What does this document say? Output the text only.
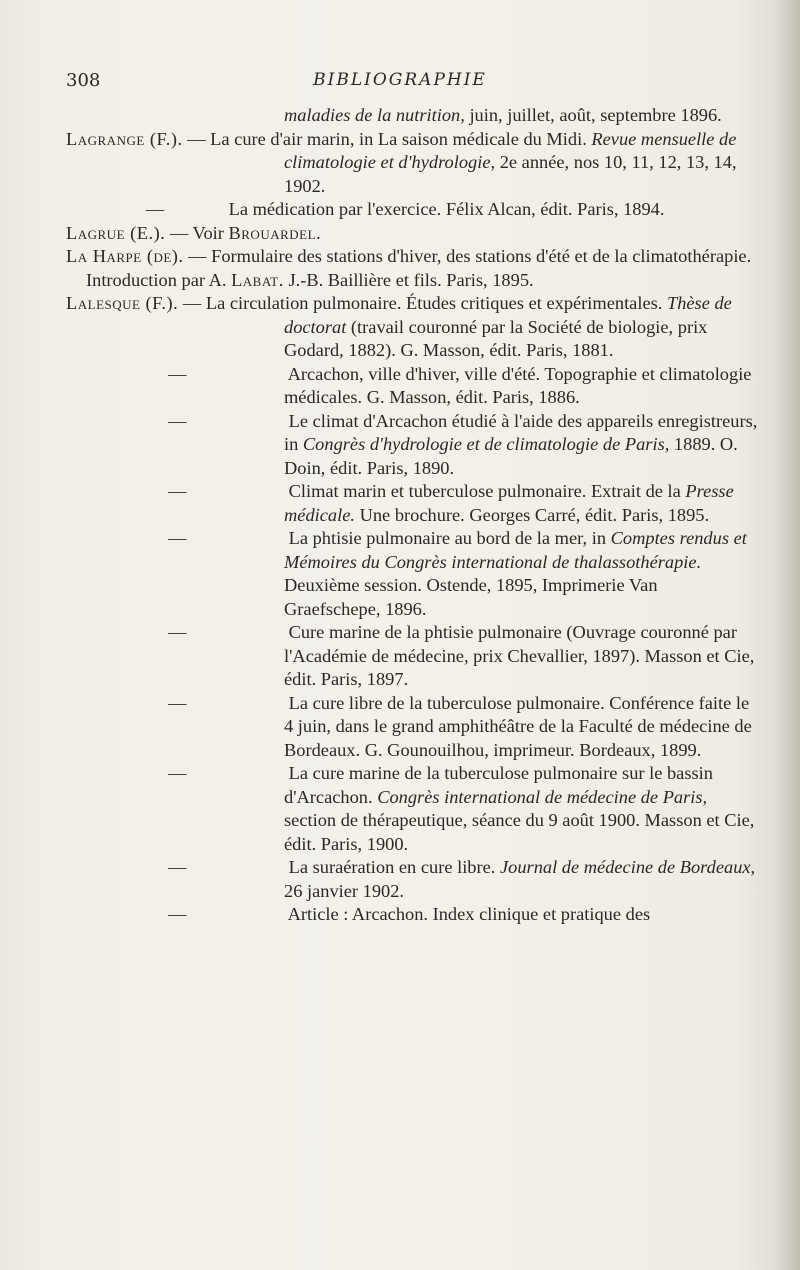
308	BIBLIOGRAPHIE

maladies de la nutrition, juin, juillet, août, septembre 1896.

Lagrange (F.). — La cure d'air marin, in La saison médicale du Midi. Revue mensuelle de climatologie et d'hydrologie, 2e année, nos 10, 11, 12, 13, 14, 1902.

—	La médication par l'exercice. Félix Alcan, édit. Paris, 1894.

Lagrue (E.). — Voir Brouardel.

La Harpe (de). — Formulaire des stations d'hiver, des stations d'été et de la climatothérapie. Introduction par A. Labat. J.-B. Baillière et fils. Paris, 1895.

Lalesque (F.). — La circulation pulmonaire. Études critiques et expérimentales. Thèse de doctorat (travail couronné par la Société de biologie, prix Godard, 1882). G. Masson, édit. Paris, 1881.

—	Arcachon, ville d'hiver, ville d'été. Topographie et climatologie médicales. G. Masson, édit. Paris, 1886.

—	Le climat d'Arcachon étudié à l'aide des appareils enregistreurs, in Congrès d'hydrologie et de climatologie de Paris, 1889. O. Doin, édit. Paris, 1890.

—	Climat marin et tuberculose pulmonaire. Extrait de la Presse médicale. Une brochure. Georges Carré, édit. Paris, 1895.

—	La phtisie pulmonaire au bord de la mer, in Comptes rendus et Mémoires du Congrès international de thalassothérapie. Deuxième session. Ostende, 1895, Imprimerie Van Graefschepe, 1896.

—	Cure marine de la phtisie pulmonaire (Ouvrage couronné par l'Académie de médecine, prix Chevallier, 1897). Masson et Cie, édit. Paris, 1897.

—	La cure libre de la tuberculose pulmonaire. Conférence faite le 4 juin, dans le grand amphithéâtre de la Faculté de médecine de Bordeaux. G. Gounouilhou, imprimeur. Bordeaux, 1899.

—	La cure marine de la tuberculose pulmonaire sur le bassin d'Arcachon. Congrès international de médecine de Paris, section de thérapeutique, séance du 9 août 1900. Masson et Cie, édit. Paris, 1900.

—	La suraération en cure libre. Journal de médecine de Bordeaux, 26 janvier 1902.

—	Article : Arcachon. Index clinique et pratique des
